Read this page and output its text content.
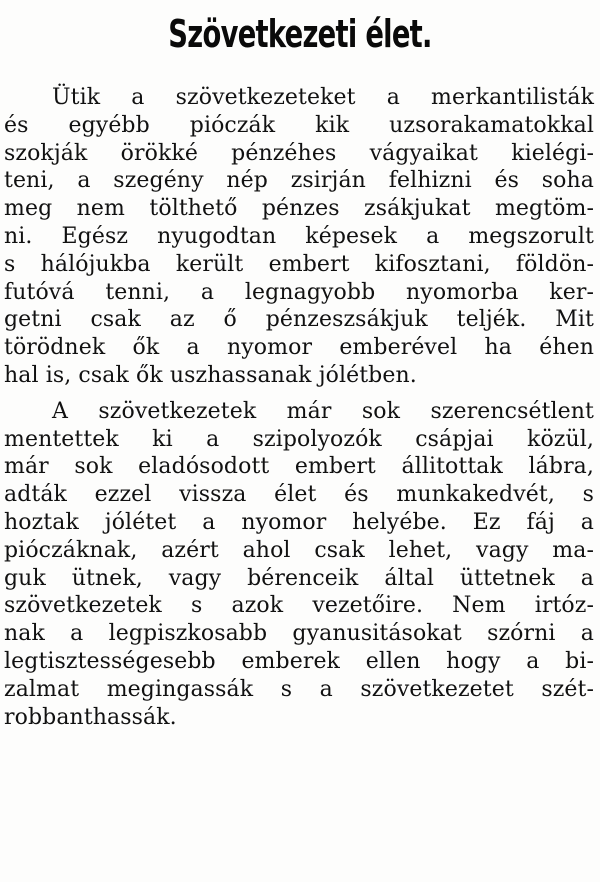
Szövetkezeti élet.
Ütik a szövetkezeteket a merkantilisták
és egyébb pióczák kik uzsorakamatokkal
szokják örökké pénzéhes vágyaikat kielégi-
teni, a szegény nép zsirján felhizni és soha
meg nem tölthető pénzes zsákjukat megtöm-
ni. Egész nyugodtan képesek a megszorult
s hálójukba került embert kifosztani, földön-
futóvá tenni, a legnagyobb nyomorba ker-
getni csak az ő pénzeszsákjuk teljék. Mit
törödnek ők a nyomor emberével ha éhen
hal is, csak ők uszhassanak jólétben.
A szövetkezetek már sok szerencsétlent
mentettek ki a szipolyozók csápjai közül,
már sok eladósodott embert állitottak lábra,
adták ezzel vissza élet és munkakedvét, s
hoztak jólétet a nyomor helyébe. Ez fáj a
pióczáknak, azért ahol csak lehet, vagy ma-
guk ütnek, vagy bérenceik által üttetnek a
szövetkezetek s azok vezetőire. Nem irtóz-
nak a legpiszkosabb gyanusitásokat szórni a
legtisztességesebb emberek ellen hogy a bi-
zalmat megingassák s a szövetkezetet szét-
robbanthassák.
